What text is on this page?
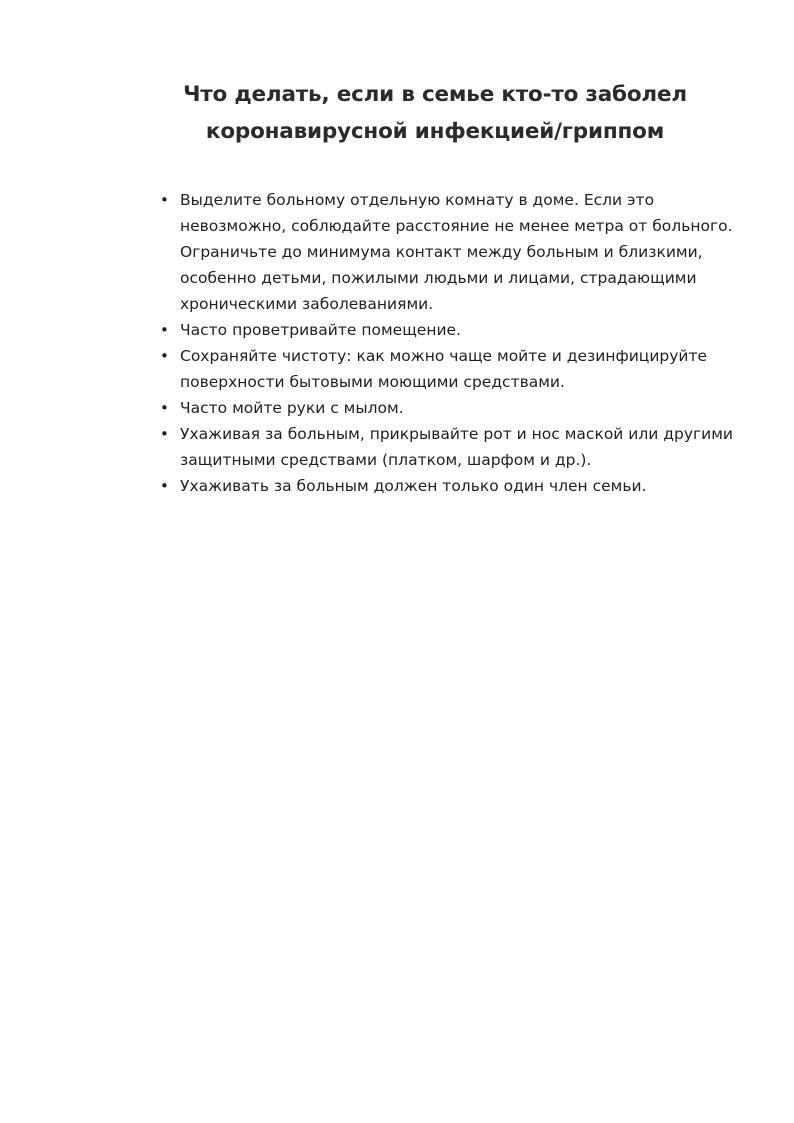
Что делать, если в семье кто-то заболел
коронавирусной инфекцией/гриппом
• Выделите больному отдельную комнату в доме. Если это
невозможно, соблюдайте расстояние не менее метра от больного.
Ограничьте до минимума контакт между больным и близкими,
особенно детьми, пожилыми людьми и лицами, страдающими
хроническими заболеваниями.
• Часто проветривайте помещение.
• Сохраняйте чистоту: как можно чаще мойте и дезинфицируйте
поверхности бытовыми моющими средствами.
• Часто мойте руки с мылом.
• Ухаживая за больным, прикрывайте рот и нос маской или другими
защитными средствами (платком, шарфом и др.).
• Ухаживать за больным должен только один член семьи.
